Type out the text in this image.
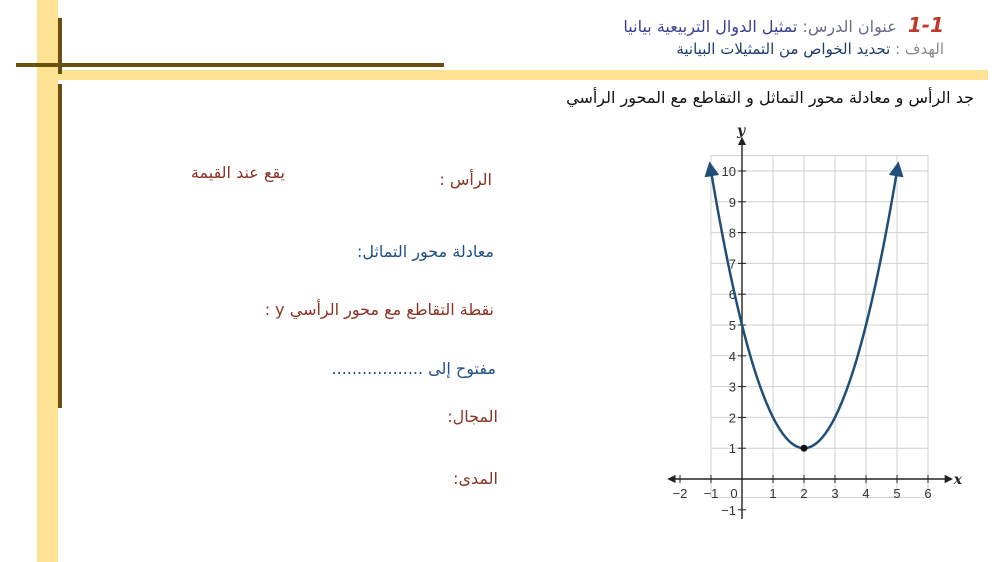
1-1 عنوان الدرس: تمثيل الدوال التربيعية بيانيا
الهدف : تحديد الخواص من التمثيلات البيانية
جد الرأس و معادلة محور التماثل و التقاطع مع المحور الرأسي
الرأس :
يقع عند القيمة
معادلة محور التماثل:
نقطة التقاطع مع محور الرأسي y :
مفتوح إلى ..................
المجال:
المدى:	x
y
−2 −1 0 1 2 3 4 5 6
10
9
8
7
6
5
4
3
2
1
−1
